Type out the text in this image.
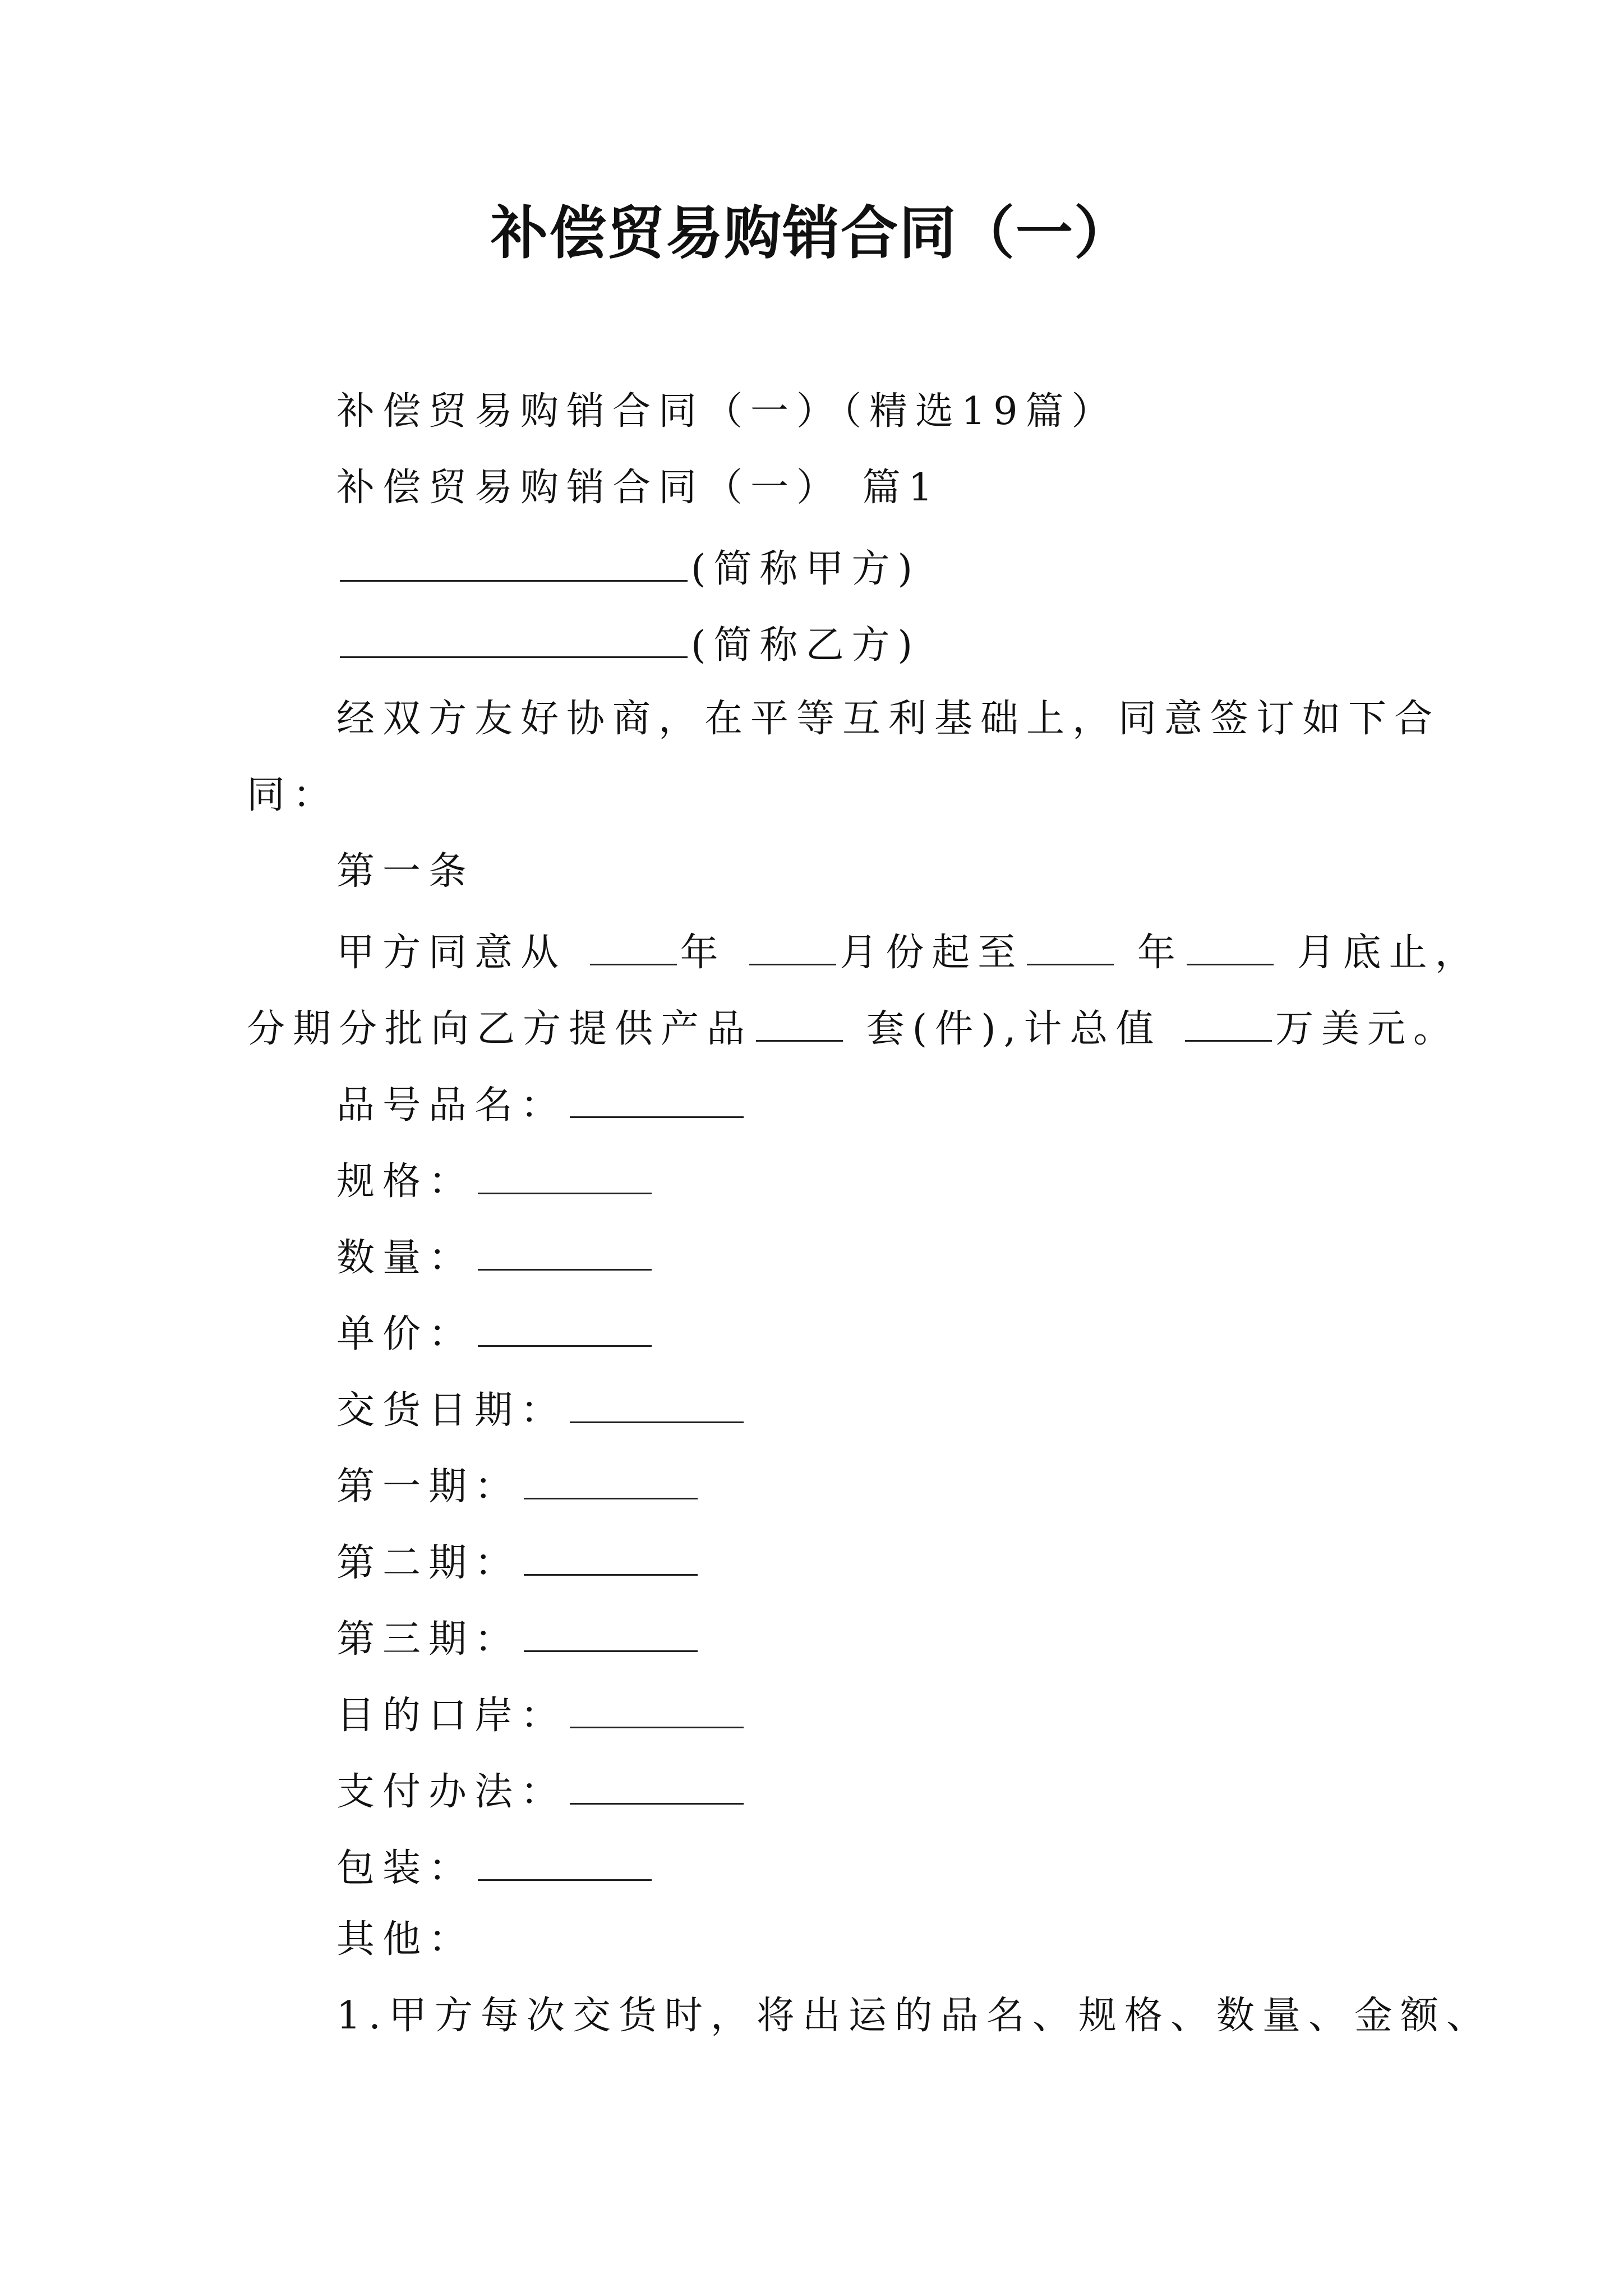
补偿贸易购销合同（一）
补偿贸易购销合同（一）（精选19篇）
补偿贸易购销合同（一） 篇1
(简称甲方)
(简称乙方)
经双方友好协商，在平等互利基础上，同意签订如下合
同：
第一条
甲方同意从	年	月份起至	年	月底止，
分期分批向乙方提供产品	套(件),计总值	万美元。
品号品名：
规格：
数量：
单价：
交货日期：
第一期：
第二期：
第三期：
目的口岸：
支付办法：
包装：
其他：
1.甲方每次交货时，将出运的品名、规格、数量、金额、
